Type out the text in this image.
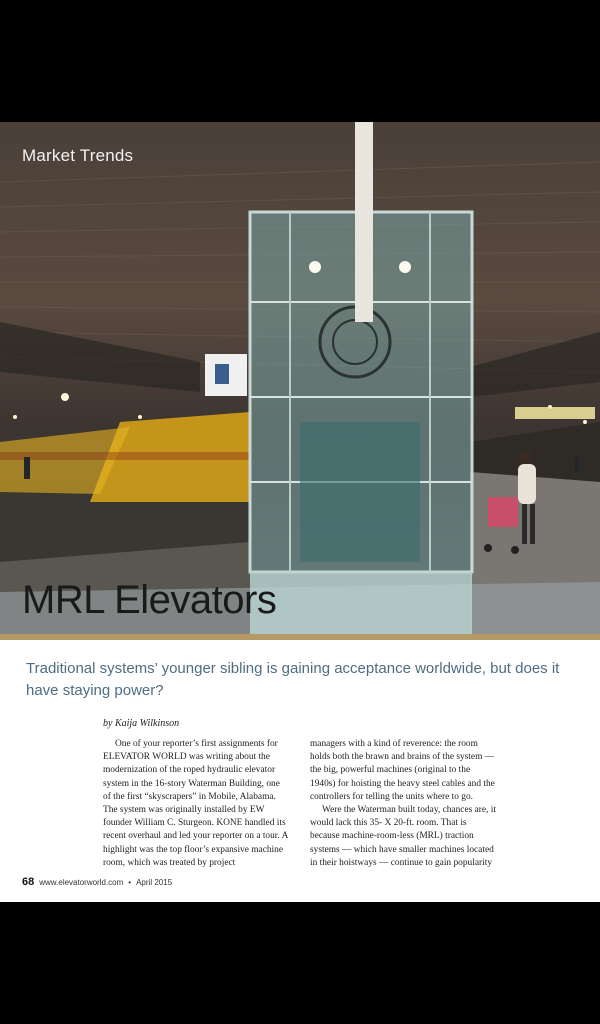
Market Trends
MRL Elevators

Traditional systems’ younger sibling is gaining acceptance worldwide, but does it have staying power?

by Kaija Wilkinson

One of your reporter’s first assignments for ELEVATOR WORLD was writing about the modernization of the roped hydraulic elevator system in the 16-story Waterman Building, one of the first “skyscrapers” in Mobile, Alabama. The system was originally installed by EW founder William C. Sturgeon. KONE handled its recent overhaul and led your reporter on a tour. A highlight was the top floor’s expansive machine room, which was treated by project

managers with a kind of reverence: the room holds both the brawn and brains of the system — the big, powerful machines (original to the 1940s) for hoisting the heavy steel cables and the controllers for telling the units where to go.

Were the Waterman built today, chances are, it would lack this 35- X 20-ft. room. That is because machine-room-less (MRL) traction systems — which have smaller machines located in their hoistways — continue to gain popularity

68 www.elevatorworld.com • April 2015
